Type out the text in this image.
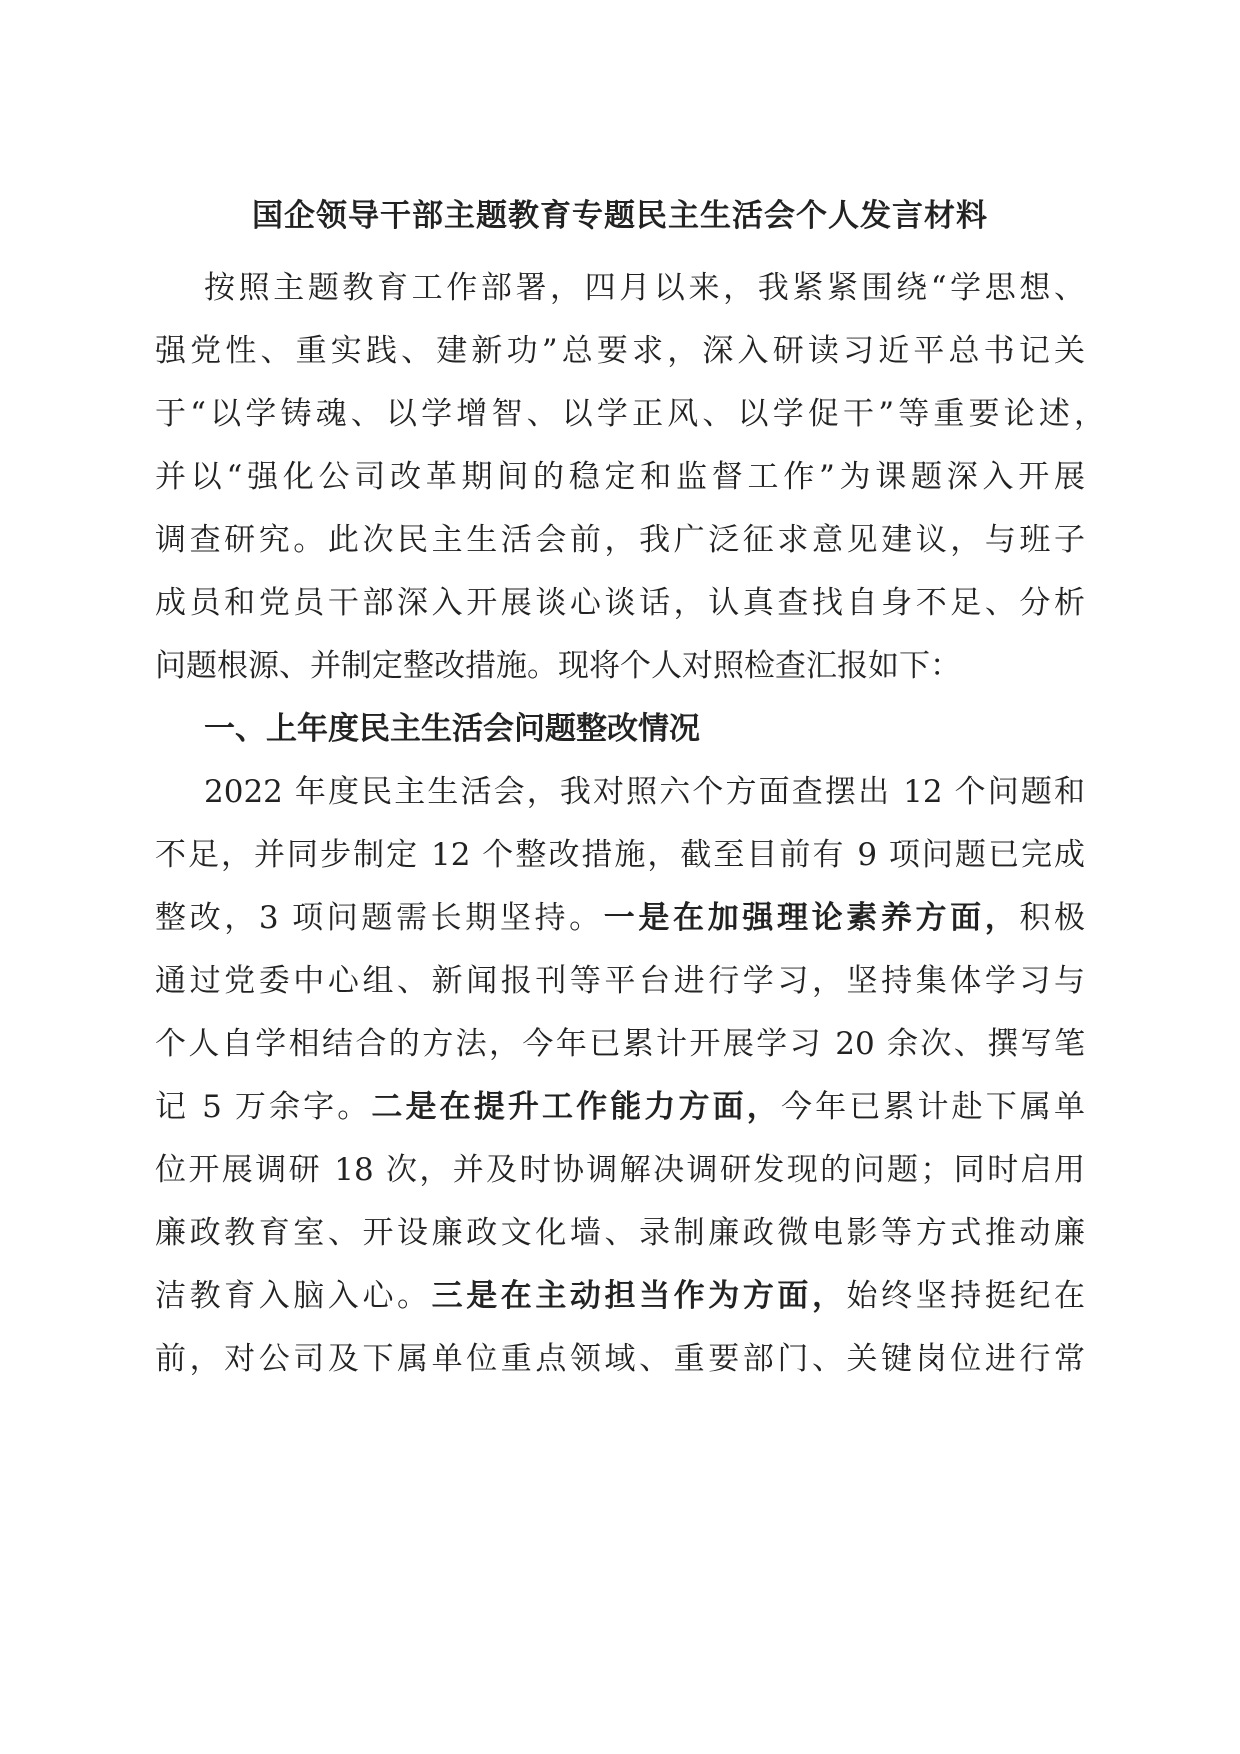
国企领导干部主题教育专题民主生活会个人发言材料
按照主题教育工作部署，四月以来，我紧紧围绕“学思想、
强党性、重实践、建新功”总要求，深入研读习近平总书记关
于“以学铸魂、以学增智、以学正风、以学促干”等重要论述，
并以“强化公司改革期间的稳定和监督工作”为课题深入开展
调查研究。此次民主生活会前，我广泛征求意见建议，与班子
成员和党员干部深入开展谈心谈话，认真查找自身不足、分析
问题根源、并制定整改措施。现将个人对照检查汇报如下：
一、上年度民主生活会问题整改情况
2022 年度民主生活会，我对照六个方面查摆出 12 个问题和
不足，并同步制定 12 个整改措施，截至目前有 9 项问题已完成
整改，3 项问题需长期坚持。一是在加强理论素养方面，积极
通过党委中心组、新闻报刊等平台进行学习，坚持集体学习与
个人自学相结合的方法，今年已累计开展学习 20 余次、撰写笔
记 5 万余字。二是在提升工作能力方面，今年已累计赴下属单
位开展调研 18 次，并及时协调解决调研发现的问题；同时启用
廉政教育室、开设廉政文化墙、录制廉政微电影等方式推动廉
洁教育入脑入心。三是在主动担当作为方面，始终坚持挺纪在
前，对公司及下属单位重点领域、重要部门、关键岗位进行常
